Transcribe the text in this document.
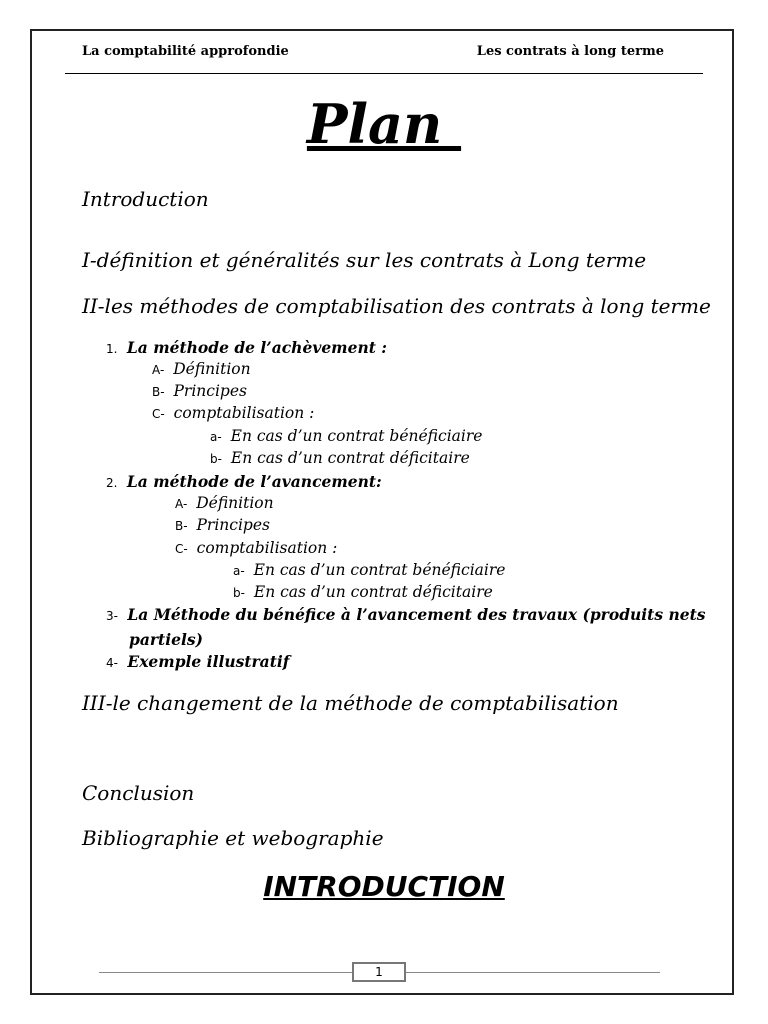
La comptabilité approfondie	Les contrats à long terme
Plan
Introduction
I-définition et généralités sur les contrats à Long terme
II-les méthodes de comptabilisation des contrats à long terme
1. La méthode de l’achèvement :
A- Définition
B- Principes
C- comptabilisation :
a- En cas d’un contrat bénéficiaire
b- En cas d’un contrat déficitaire
2. La méthode de l’avancement:
A- Définition
B- Principes
C- comptabilisation :
a- En cas d’un contrat bénéficiaire
b- En cas d’un contrat déficitaire
3- La Méthode du bénéfice à l’avancement des travaux (produits nets
partiels)
4- Exemple illustratif
III-le changement de la méthode de comptabilisation
Conclusion
Bibliographie et webographie
INTRODUCTION
1
